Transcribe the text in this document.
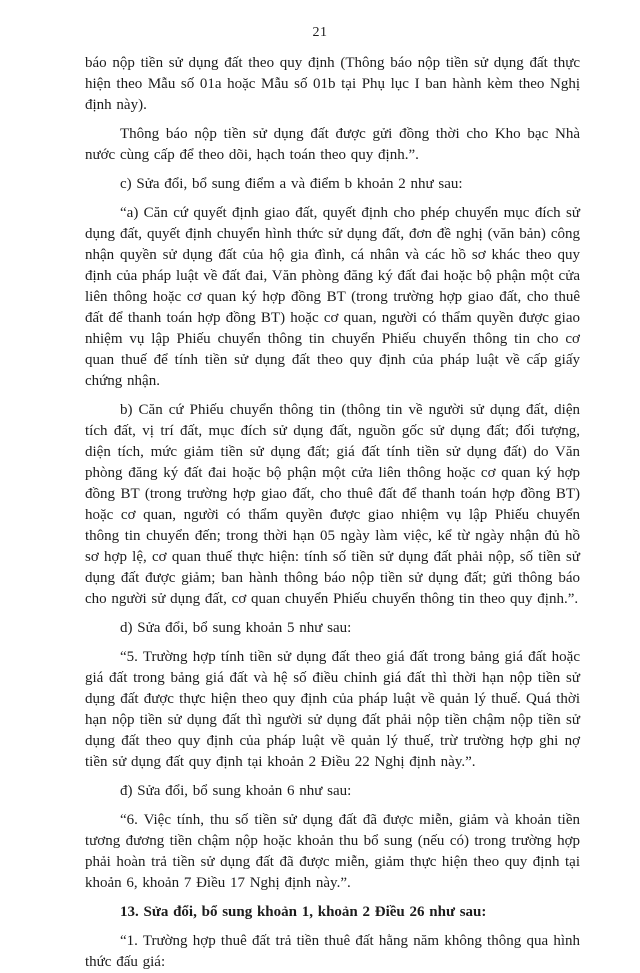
21

báo nộp tiền sử dụng đất theo quy định (Thông báo nộp tiền sử dụng đất thực hiện theo Mẫu số 01a hoặc Mẫu số 01b tại Phụ lục I ban hành kèm theo Nghị định này).

Thông báo nộp tiền sử dụng đất được gửi đồng thời cho Kho bạc Nhà nước cùng cấp để theo dõi, hạch toán theo quy định.”.

c) Sửa đổi, bổ sung điểm a và điểm b khoản 2 như sau:

“a) Căn cứ quyết định giao đất, quyết định cho phép chuyển mục đích sử dụng đất, quyết định chuyển hình thức sử dụng đất, đơn đề nghị (văn bản) công nhận quyền sử dụng đất của hộ gia đình, cá nhân và các hồ sơ khác theo quy định của pháp luật về đất đai, Văn phòng đăng ký đất đai hoặc bộ phận một cửa liên thông hoặc cơ quan ký hợp đồng BT (trong trường hợp giao đất, cho thuê đất để thanh toán hợp đồng BT) hoặc cơ quan, người có thẩm quyền được giao nhiệm vụ lập Phiếu chuyển thông tin chuyển Phiếu chuyển thông tin cho cơ quan thuế để tính tiền sử dụng đất theo quy định của pháp luật về cấp giấy chứng nhận.

b) Căn cứ Phiếu chuyển thông tin (thông tin về người sử dụng đất, diện tích đất, vị trí đất, mục đích sử dụng đất, nguồn gốc sử dụng đất; đối tượng, diện tích, mức giảm tiền sử dụng đất; giá đất tính tiền sử dụng đất) do Văn phòng đăng ký đất đai hoặc bộ phận một cửa liên thông hoặc cơ quan ký hợp đồng BT (trong trường hợp giao đất, cho thuê đất để thanh toán hợp đồng BT) hoặc cơ quan, người có thẩm quyền được giao nhiệm vụ lập Phiếu chuyển thông tin chuyển đến; trong thời hạn 05 ngày làm việc, kể từ ngày nhận đủ hồ sơ hợp lệ, cơ quan thuế thực hiện: tính số tiền sử dụng đất phải nộp, số tiền sử dụng đất được giảm; ban hành thông báo nộp tiền sử dụng đất; gửi thông báo cho người sử dụng đất, cơ quan chuyển Phiếu chuyển thông tin theo quy định.”.

d) Sửa đổi, bổ sung khoản 5 như sau:

“5. Trường hợp tính tiền sử dụng đất theo giá đất trong bảng giá đất hoặc giá đất trong bảng giá đất và hệ số điều chỉnh giá đất thì thời hạn nộp tiền sử dụng đất được thực hiện theo quy định của pháp luật về quản lý thuế. Quá thời hạn nộp tiền sử dụng đất thì người sử dụng đất phải nộp tiền chậm nộp tiền sử dụng đất theo quy định của pháp luật về quản lý thuế, trừ trường hợp ghi nợ tiền sử dụng đất quy định tại khoản 2 Điều 22 Nghị định này.”.

đ) Sửa đổi, bổ sung khoản 6 như sau:

“6. Việc tính, thu số tiền sử dụng đất đã được miễn, giảm và khoản tiền tương đương tiền chậm nộp hoặc khoản thu bổ sung (nếu có) trong trường hợp phải hoàn trả tiền sử dụng đất đã được miễn, giảm thực hiện theo quy định tại khoản 6, khoản 7 Điều 17 Nghị định này.”.

13. Sửa đổi, bổ sung khoản 1, khoản 2 Điều 26 như sau:

“1. Trường hợp thuê đất trả tiền thuê đất hằng năm không thông qua hình thức đấu giá:
